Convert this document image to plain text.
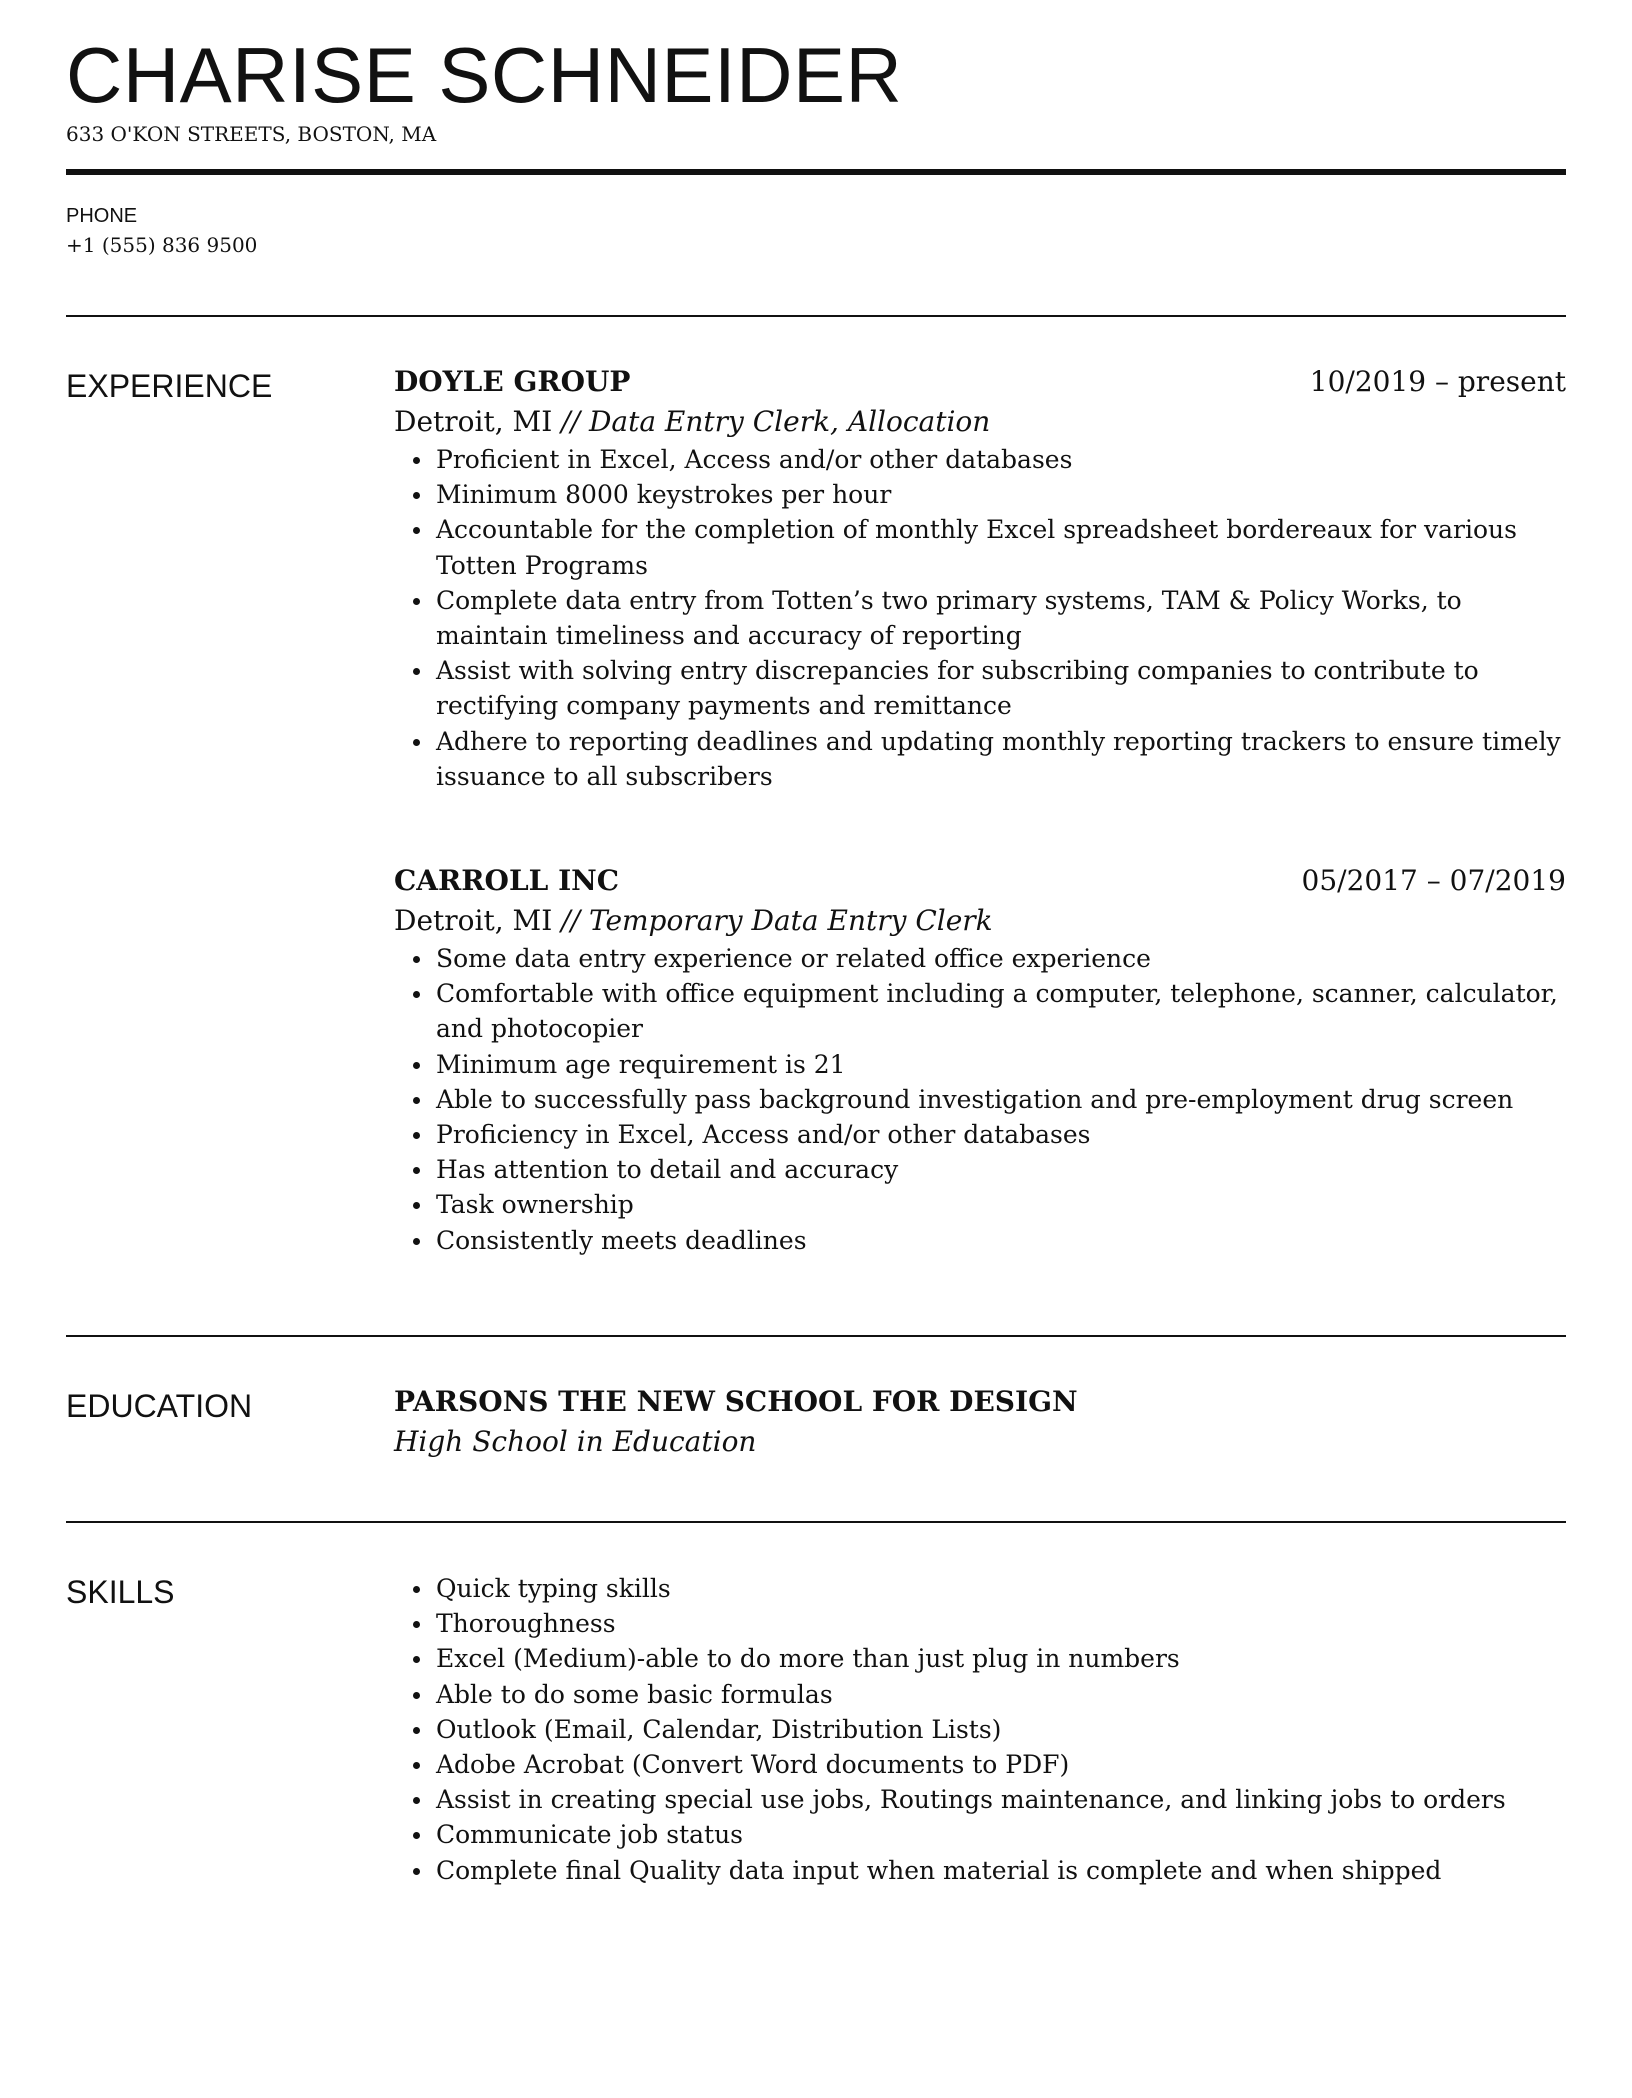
CHARISE SCHNEIDER
633 O'KON STREETS, BOSTON, MA
PHONE
+1 (555) 836 9500
EXPERIENCE	DOYLE GROUP	10/2019 – present
Detroit, MI // Data Entry Clerk, Allocation
Proficient in Excel, Access and/or other databases
Minimum 8000 keystrokes per hour
Accountable for the completion of monthly Excel spreadsheet bordereaux for various Totten Programs
Complete data entry from Totten’s two primary systems, TAM & Policy Works, to maintain timeliness and accuracy of reporting
Assist with solving entry discrepancies for subscribing companies to contribute to rectifying company payments and remittance
Adhere to reporting deadlines and updating monthly reporting trackers to ensure timely issuance to all subscribers
CARROLL INC	05/2017 – 07/2019
Detroit, MI // Temporary Data Entry Clerk
Some data entry experience or related office experience
Comfortable with office equipment including a computer, telephone, scanner, calculator, and photocopier
Minimum age requirement is 21
Able to successfully pass background investigation and pre-employment drug screen
Proficiency in Excel, Access and/or other databases
Has attention to detail and accuracy
Task ownership
Consistently meets deadlines
EDUCATION	PARSONS THE NEW SCHOOL FOR DESIGN
High School in Education
SKILLS	Quick typing skills
Thoroughness
Excel (Medium)-able to do more than just plug in numbers
Able to do some basic formulas
Outlook (Email, Calendar, Distribution Lists)
Adobe Acrobat (Convert Word documents to PDF)
Assist in creating special use jobs, Routings maintenance, and linking jobs to orders
Communicate job status
Complete final Quality data input when material is complete and when shipped
